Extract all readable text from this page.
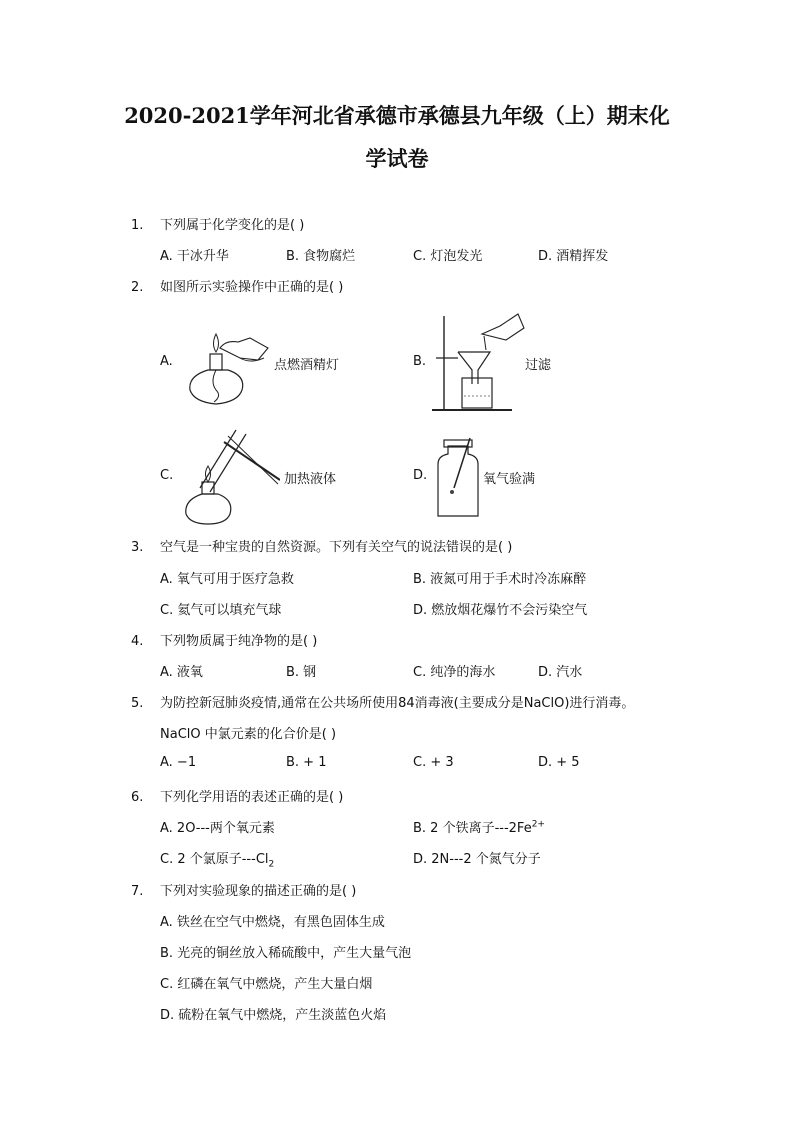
2020-2021学年河北省承德市承德县九年级（上）期末化
学试卷
1. 下列属于化学变化的是( )
A. 干冰升华	B. 食物腐烂	C. 灯泡发光	D. 酒精挥发
2. 如图所示实验操作中正确的是( )
A.	点燃酒精灯	B.	过滤
C.	加热液体	D.	氧气验满
3. 空气是一种宝贵的自然资源。下列有关空气的说法错误的是( )
A. 氧气可用于医疗急救	B. 液氮可用于手术时冷冻麻醉
C. 氦气可以填充气球	D. 燃放烟花爆竹不会污染空气
4. 下列物质属于纯净物的是( )
A. 液氧	B. 钢	C. 纯净的海水	D. 汽水
5. 为防控新冠肺炎疫情,通常在公共场所使用84消毒液(主要成分是NaClO)进行消毒。
NaClO 中氯元素的化合价是( )
A. −1	B. + 1	C. + 3	D. + 5
6. 下列化学用语的表述正确的是( )
A. 2O---两个氧元素	B. 2 个铁离子$---2Fe^{2+}$
C. 2 个氯原子$---Cl_2$	D. 2N---2 个氮气分子
7. 下列对实验现象的描述正确的是( )
A. 铁丝在空气中燃烧，有黑色固体生成
B. 光亮的铜丝放入稀硫酸中，产生大量气泡
C. 红磷在氧气中燃烧，产生大量白烟
D. 硫粉在氧气中燃烧，产生淡蓝色火焰
